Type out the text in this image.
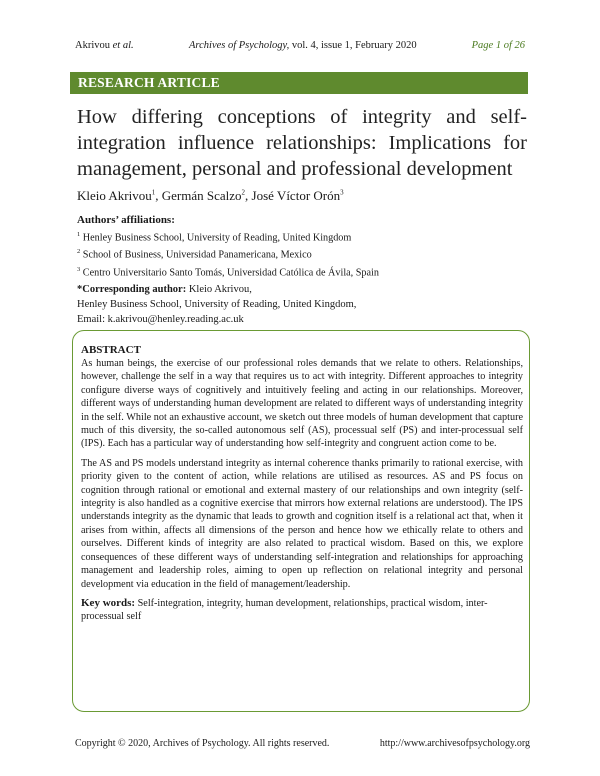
Akrivou et al.	Archives of Psychology, vol. 4, issue 1, February 2020	Page 1 of 26
RESEARCH ARTICLE
How differing conceptions of integrity and self-integration influence relationships: Implications for management, personal and professional development
Kleio Akrivou$^1$, Germán Scalzo$^2$, José Víctor Orón$^3$
Authors’ affiliations:
$^1$ Henley Business School, University of Reading, United Kingdom
$^2$ School of Business, Universidad Panamericana, Mexico
$^3$ Centro Universitario Santo Tomás, Universidad Católica de Ávila, Spain
*Corresponding author: Kleio Akrivou,
Henley Business School, University of Reading, United Kingdom,
Email: k.akrivou@henley.reading.ac.uk
ABSTRACT

As human beings, the exercise of our professional roles demands that we relate to others. Relationships, however, challenge the self in a way that requires us to act with integrity. Different approaches to integrity configure diverse ways of cognitively and intuitively feeling and acting in our relationships. Moreover, different ways of understanding human development are related to different ways of understanding integrity in the self. While not an exhaustive account, we sketch out three models of human development that capture much of this diversity, the so-called autonomous self (AS), processual self (PS) and inter-processual self (IPS). Each has a particular way of understanding how self-integrity and congruent action come to be.

The AS and PS models understand integrity as internal coherence thanks primarily to rational exercise, with priority given to the content of action, while relations are utilised as resources. AS and PS focus on cognition through rational or emotional and external mastery of our relationships and own integrity (self-integrity is also handled as a cognitive exercise that mirrors how external relations are understood). The IPS understands integrity as the dynamic that leads to growth and cognition itself is a relational act that, when it arises from within, affects all dimensions of the person and hence how we ethically relate to others and ourselves. Different kinds of integrity are also related to practical wisdom. Based on this, we explore consequences of these different ways of understanding self-integration and relationships for approaching management and leadership roles, aiming to open up reflection on relational integrity and personal development via education in the field of management/leadership.

Key words: Self-integration, integrity, human development, relationships, practical wisdom, inter-processual self

Copyright © 2020, Archives of Psychology. All rights reserved.	http://www.archivesofpsychology.org
